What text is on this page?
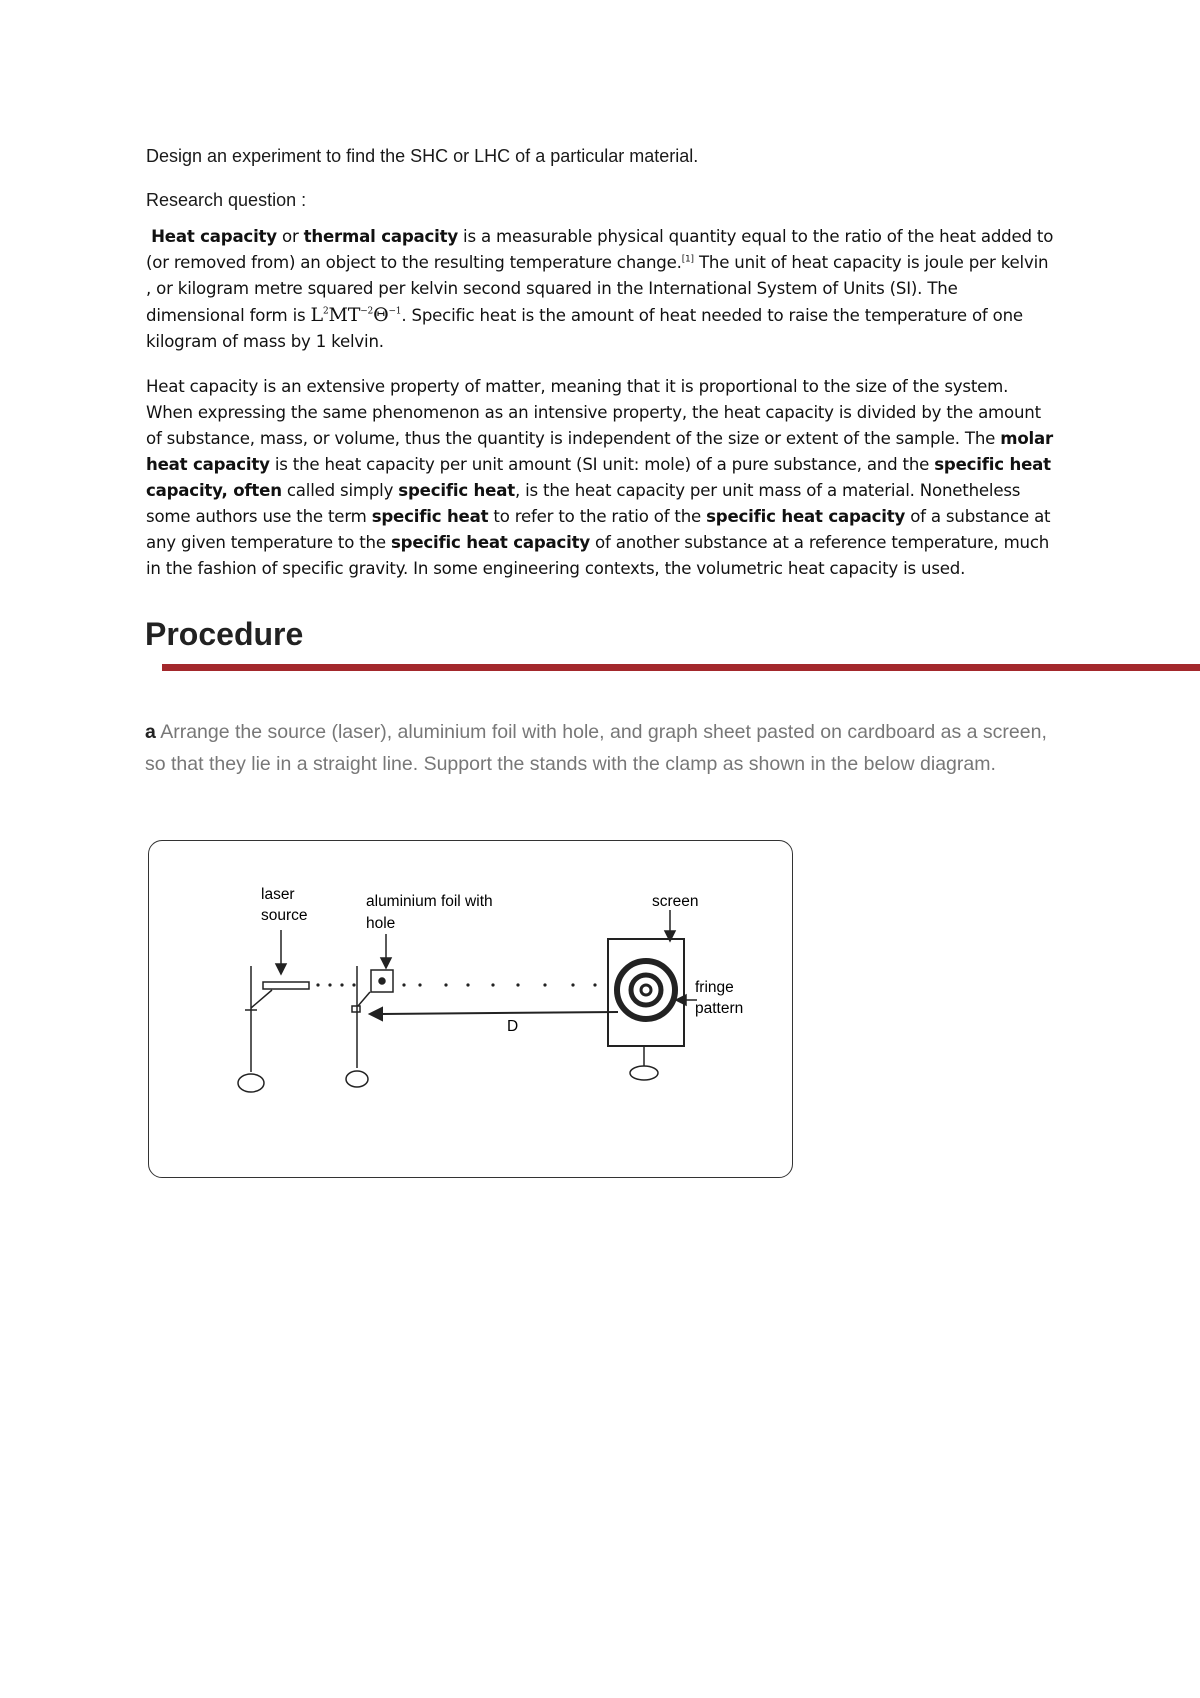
Design an experiment to find the SHC or LHC of a particular material.
Research question :
Heat capacity or thermal capacity is a measurable physical quantity equal to the ratio of the heat added to (or removed from) an object to the resulting temperature change.[1] The unit of heat capacity is joule per kelvin , or kilogram metre squared per kelvin second squared in the International System of Units (SI). The dimensional form is $L^2MT^{-2}\Theta^{-1}$. Specific heat is the amount of heat needed to raise the temperature of one kilogram of mass by 1 kelvin.
Heat capacity is an extensive property of matter, meaning that it is proportional to the size of the system. When expressing the same phenomenon as an intensive property, the heat capacity is divided by the amount of substance, mass, or volume, thus the quantity is independent of the size or extent of the sample. The molar heat capacity is the heat capacity per unit amount (SI unit: mole) of a pure substance, and the specific heat capacity, often called simply specific heat, is the heat capacity per unit mass of a material. Nonetheless some authors use the term specific heat to refer to the ratio of the specific heat capacity of a substance at any given temperature to the specific heat capacity of another substance at a reference temperature, much in the fashion of specific gravity. In some engineering contexts, the volumetric heat capacity is used.
Procedure
a Arrange the source (laser), aluminium foil with hole, and graph sheet pasted on cardboard as a screen, so that they lie in a straight line. Support the stands with the clamp as shown in the below diagram.
laser
source
aluminium foil with
hole
screen
fringe
pattern
D
